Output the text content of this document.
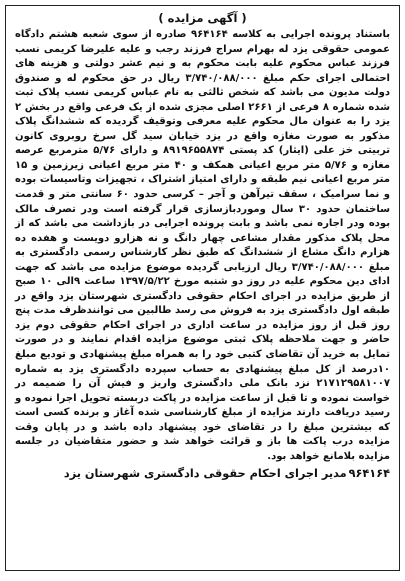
( آگهی مزایده )

باستناد پرونده اجرایی به کلاسه ۹۶۴۱۶۴ صادره از سوی شعبه هشتم دادگاه عمومی حقوقی یزد له بهرام سراج فرزند رجب و علیه علیرضا کریمی نسب فرزند عباس محکوم علیه بابت محکوم به و نیم عشر دولتی و هزینه های احتمالی اجرای حکم مبلغ ۳/۷۴۰/۰۸۸/۰۰۰ ریال در حق محکوم له و صندوق دولت مدیون می باشد که شخص ثالثی به نام عباس کریمی نسب پلاک ثبت شده شماره ۸ فرعی از ۲۶۶۱ اصلی مجزی شده از یک فرعی واقع در بخش ۲ یزد را به عنوان مال محکوم علیه معرفی وتوقیف گردیده که ششدانگ پلاک مذکور به صورت مغازه واقع در یزد خیابان سید گل سرخ روبروی کانون تربیتی خز علی (ایثار) کد پستی ۸۹۱۹۶۵۵۸۷۴ و دارای ۵/۷۶ مترمربع عرصه مغازه و ۵/۷۶ متر مربع اعیانی همکف و ۴۰ متر مربع اعیانی زیرزمین و ۱۵ متر مربع اعیانی نیم طبقه و دارای امتیاز اشتراک ، تجهیزات وتاسیسات بوده و نما سرامیک ، سقف تیرآهن و آجر – کرسی حدود ۶۰ سانتی متر و قدمت ساختمان حدود ۳۰ سال وموردبازسازی قرار گرفته است ودر تصرف مالک بوده ودر اجاره نمی باشد و بابت پرونده اجرایی در بازداشت می باشد که از محل پلاک مذکور مقدار مشاعی چهار دانگ و نه هزارو دویست و هفده ده هزارم دانگ مشاع از ششدانگ که طبق نظر کارشناس رسمی دادگستری به مبلغ ۳/۷۴۰/۰۸۸/۰۰۰ ریال ارزیابی گردیده موضوع مزایده می باشد که جهت ادای دین محکوم علیه در روز دو شنبه مورخ ۱۳۹۷/۵/۲۲ ساعت ۹الی ۱۰ صبح از طریق مزایده در اجرای احکام حقوقی دادگستری شهرستان یزد واقع در طبقه اول دادگستری یزد به فروش می رسد طالبین می توانندظرف مدت پنج روز قبل از روز مزایده در ساعت اداری در اجرای احکام حقوقی دوم یزد حاضر و جهت ملاحظه پلاک ثبتی موضوع مزایده اقدام نمایند و در صورت تمایل به خرید آن تقاضای کتبی خود را به همراه مبلغ پیشنهادی و تودیع مبلغ ۱۰درصد از کل مبلغ پیشنهادی به حساب سپرده دادگستری یزد به شماره ۲۱۷۱۲۹۵۸۱۰۰۷ نزد بانک ملی دادگستری واریز و فیش آن را ضمیمه در خواست نموده و تا قبل از ساعت مزایده در پاکت دربسته تحویل اجرا نموده و رسید دریافت دارند مزایده از مبلغ کارشناسی شده آغاز و برنده کسی است که بیشترین مبلغ را در تقاضای خود پیشنهاد داده باشد و در پایان وقت مزایده درب پاکت ها باز و قرائت خواهد شد و حضور متقاضیان در جلسه مزایده بلامانع خواهد بود.

۹۶۴۱۶۴مدیر اجرای احکام حقوقی دادگستری شهرستان یزد
